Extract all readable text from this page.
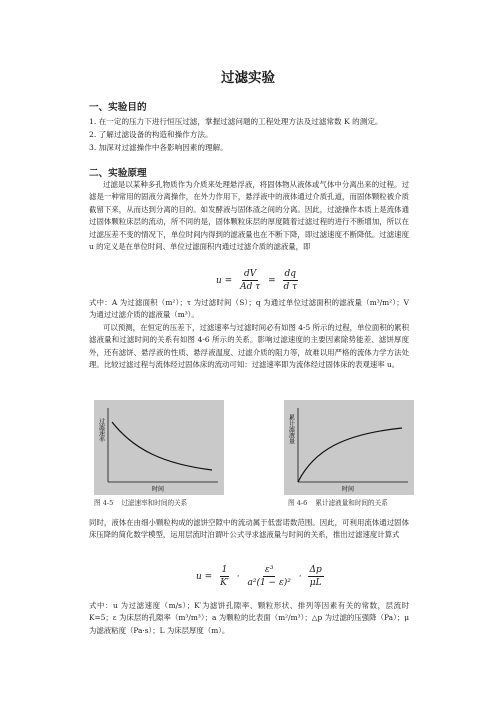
过滤实验
一、实验目的
1. 在一定的压力下进行恒压过滤，掌握过滤问题的工程处理方法及过滤常数 K 的测定。
2. 了解过滤设备的构造和操作方法。
3. 加深对过滤操作中各影响因素的理解。
二、实验原理
过滤是以某种多孔物质作为介质来处理悬浮液，将固体物从液体或气体中分离出来的过程。过滤是一种常用的固液分离操作，在外力作用下，悬浮液中的液体通过介质孔道，而固体颗粒被介质截留下来，从而达到分离的目的。如发酵液与固体渣之间的分离。因此，过滤操作本质上是流体通过固体颗粒床层的流动，所不同的是，固体颗粒床层的厚度随着过滤过程的进行不断增加，所以在过滤压差不变的情况下，单位时间内得到的滤液量也在不断下降，即过滤速度不断降低。过滤速度 u 的定义是在单位时间、单位过滤面积内通过过滤介质的滤液量，即
$u = \frac{dV}{\text{Ad τ}} = \frac{dq}{\text{d τ}}$
式中：A 为过滤面积（m²）；τ 为过滤时间（S）；q 为通过单位过滤面积的滤液量（m³/m²）；V 为通过过滤介质的滤液量（m³）。
可以预测，在恒定的压差下，过滤速率与过滤时间必有如图 4-5 所示的过程，单位面积的累积滤液量和过滤时间的关系有如图 4-6 所示的关系。影响过滤速度的主要因素除势能差、滤饼厚度外，还有滤饼、悬浮液的性质、悬浮液温度、过滤介质的阻力等，故难以用严格的流体力学方法处理。比较过滤过程与流体经过固体床的流动可知：过滤速率即为流体经过固体床的表观速率 u。
过滤速率
时间
图 4-5 过滤速率和时间的关系
累计滤液量
时间
图 4-6 累计滤液量和时间的关系
同时，液体在由细小颗粒构成的滤饼空隙中的流动属于低雷诺数范围。因此，可利用流体通过固体床压降的简化数学模型，运用层流时泊谓叶公式寻求滤液量与时间的关系，推出过滤速度计算式
$u = \frac{1}{K'} \cdot \frac{\text{ε³}}{\text{a²(1 − ε)²}} \cdot \frac{\Delta p}{\mu L}$
式中：u 为过滤速度（m/s）；K′为滤饼孔隙率、颗粒形状、排列等因素有关的常数，层流时 K=5；ε 为床层的孔隙率（m³/m³）；a 为颗粒的比表面（m²/m³）；△p 为过滤的压强降（Pa）；μ 为滤液粘度（Pa·s）；L 为床层厚度（m）。
